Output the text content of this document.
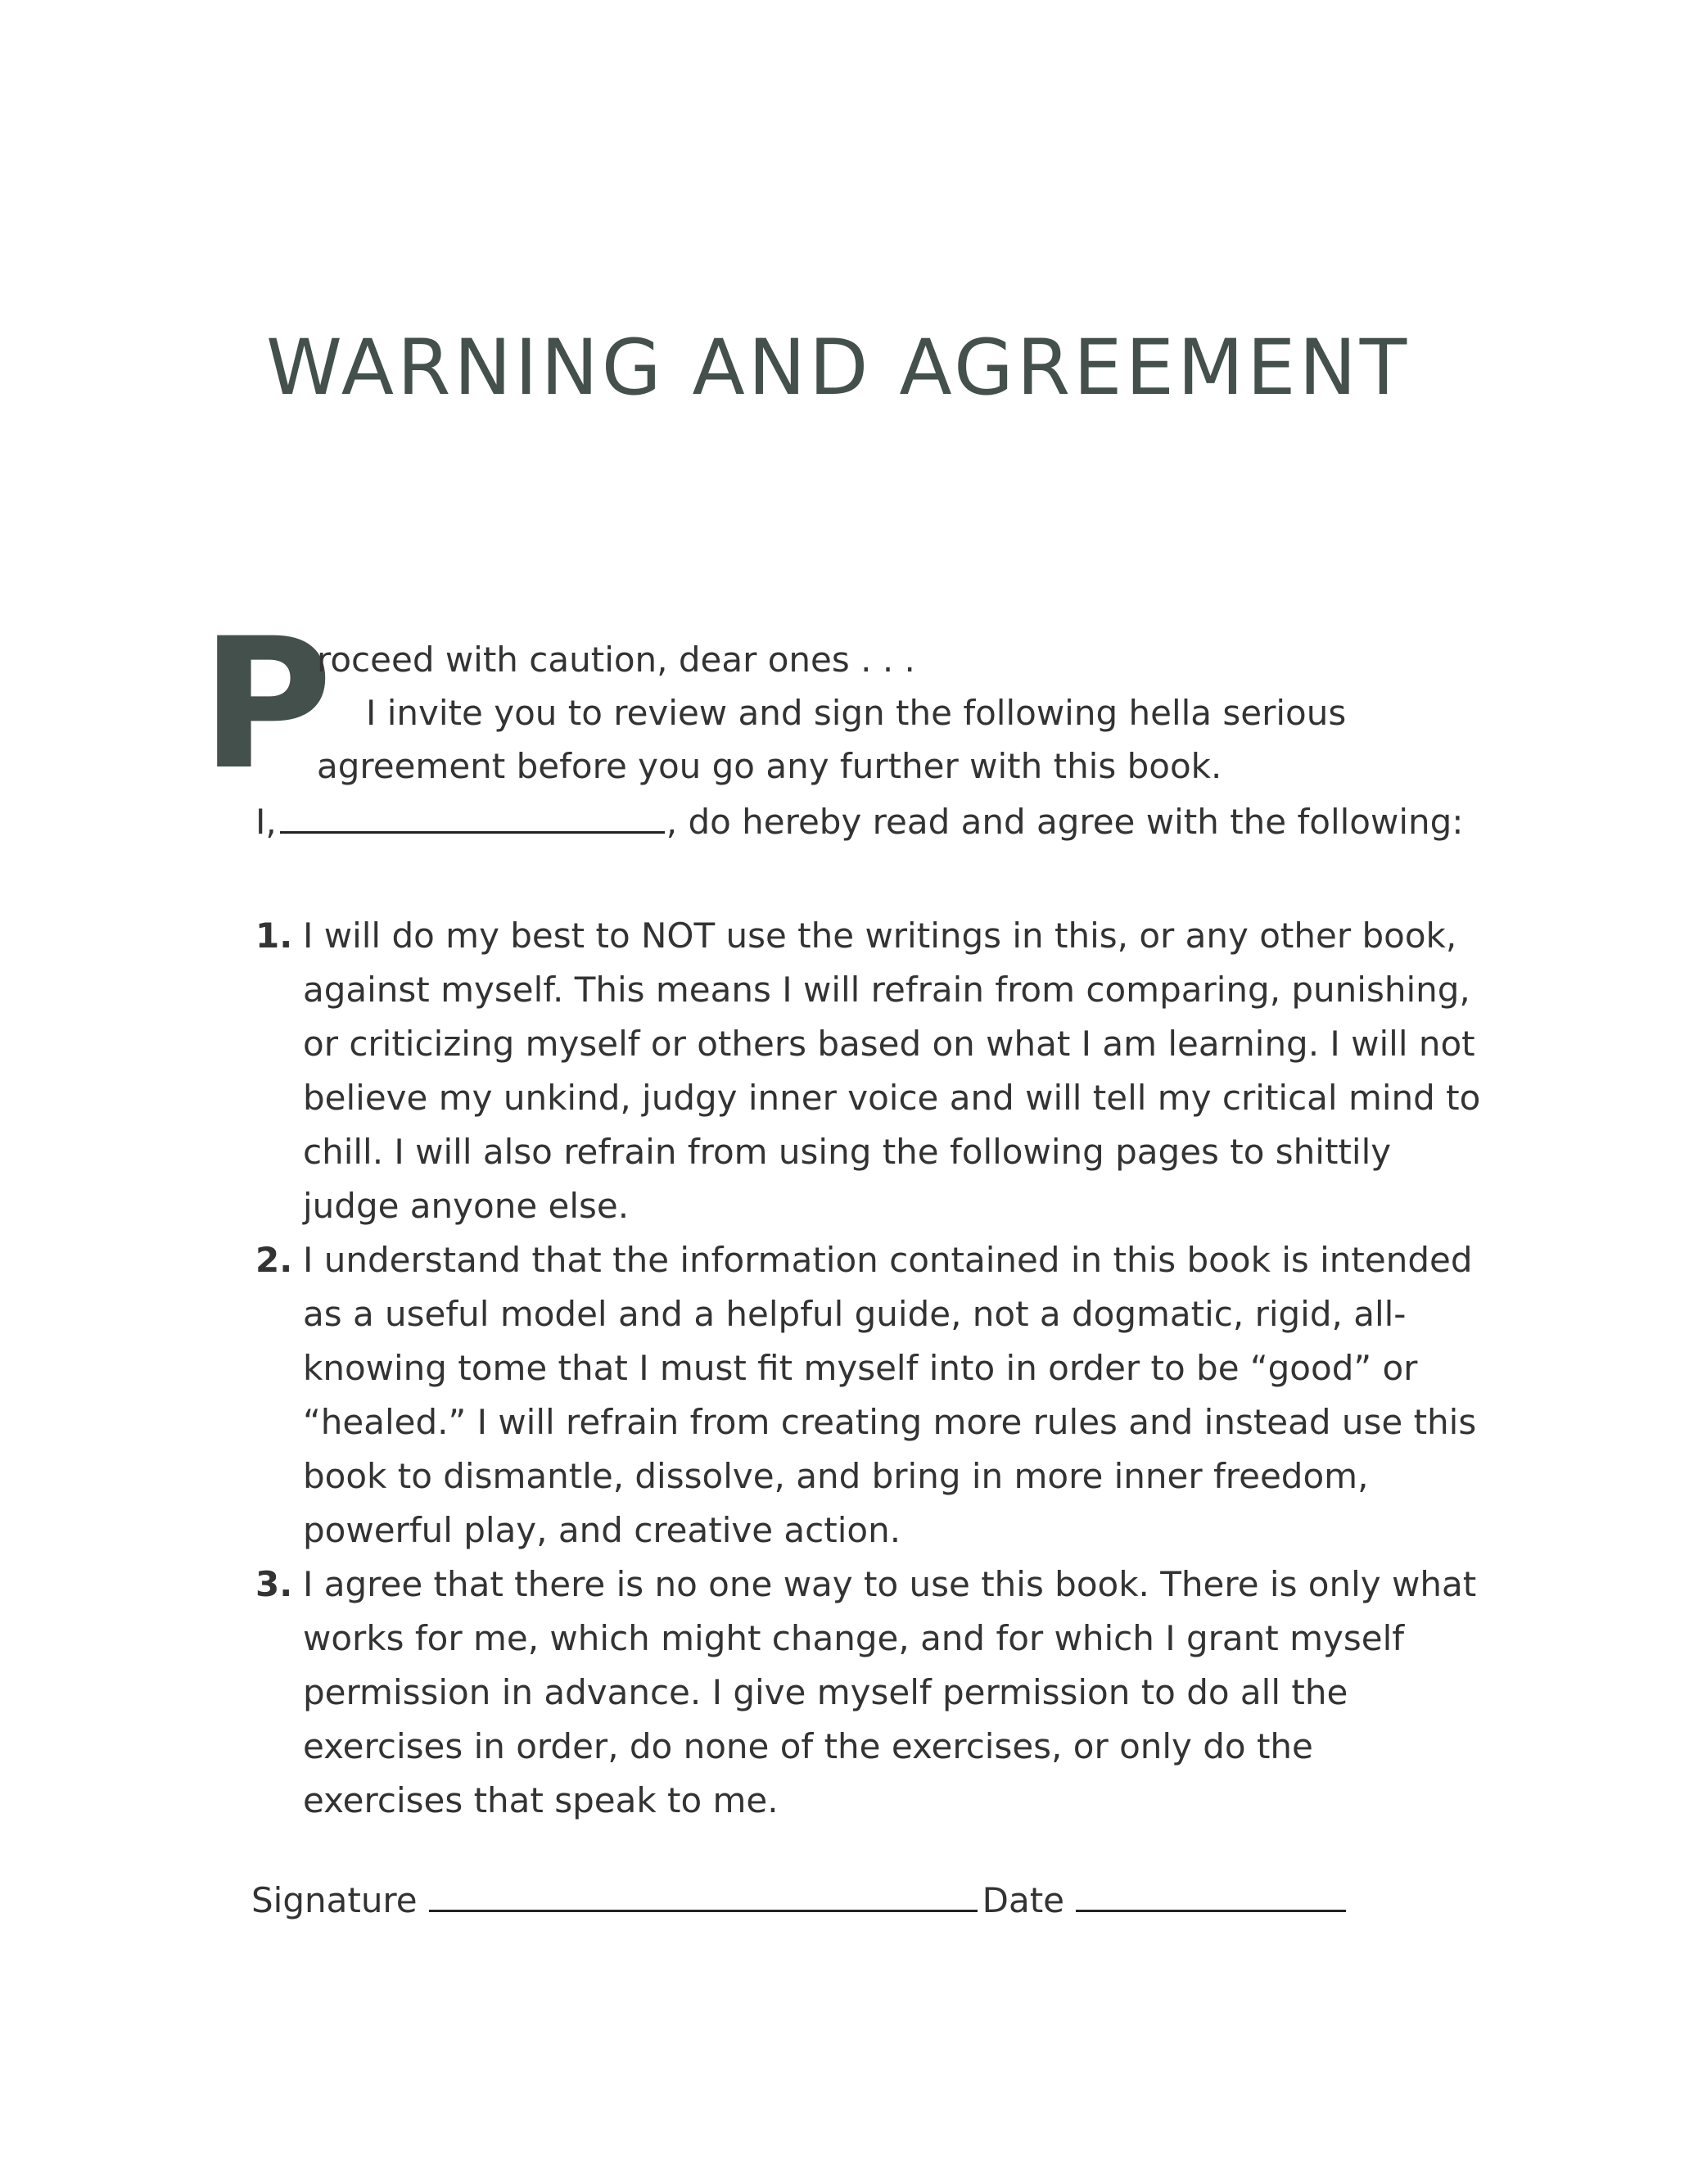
WARNING AND AGREEMENT
P
roceed with caution, dear ones . . .
I invite you to review and sign the following hella serious
agreement before you go any further with this book.
I,	, do hereby read and agree with the following:
1. I will do my best to NOT use the writings in this, or any other book, against myself. This means I will refrain from comparing, punishing, or criticizing myself or others based on what I am learning. I will not believe my unkind, judgy inner voice and will tell my critical mind to chill. I will also refrain from using the following pages to shittily judge anyone else.
2. I understand that the information contained in this book is intended as a useful model and a helpful guide, not a dogmatic, rigid, all-knowing tome that I must fit myself into in order to be “good” or “healed.” I will refrain from creating more rules and instead use this book to dismantle, dissolve, and bring in more inner freedom, powerful play, and creative action.
3. I agree that there is no one way to use this book. There is only what works for me, which might change, and for which I grant myself permission in advance. I give myself permission to do all the exercises in order, do none of the exercises, or only do the exercises that speak to me.
Signature	Date
